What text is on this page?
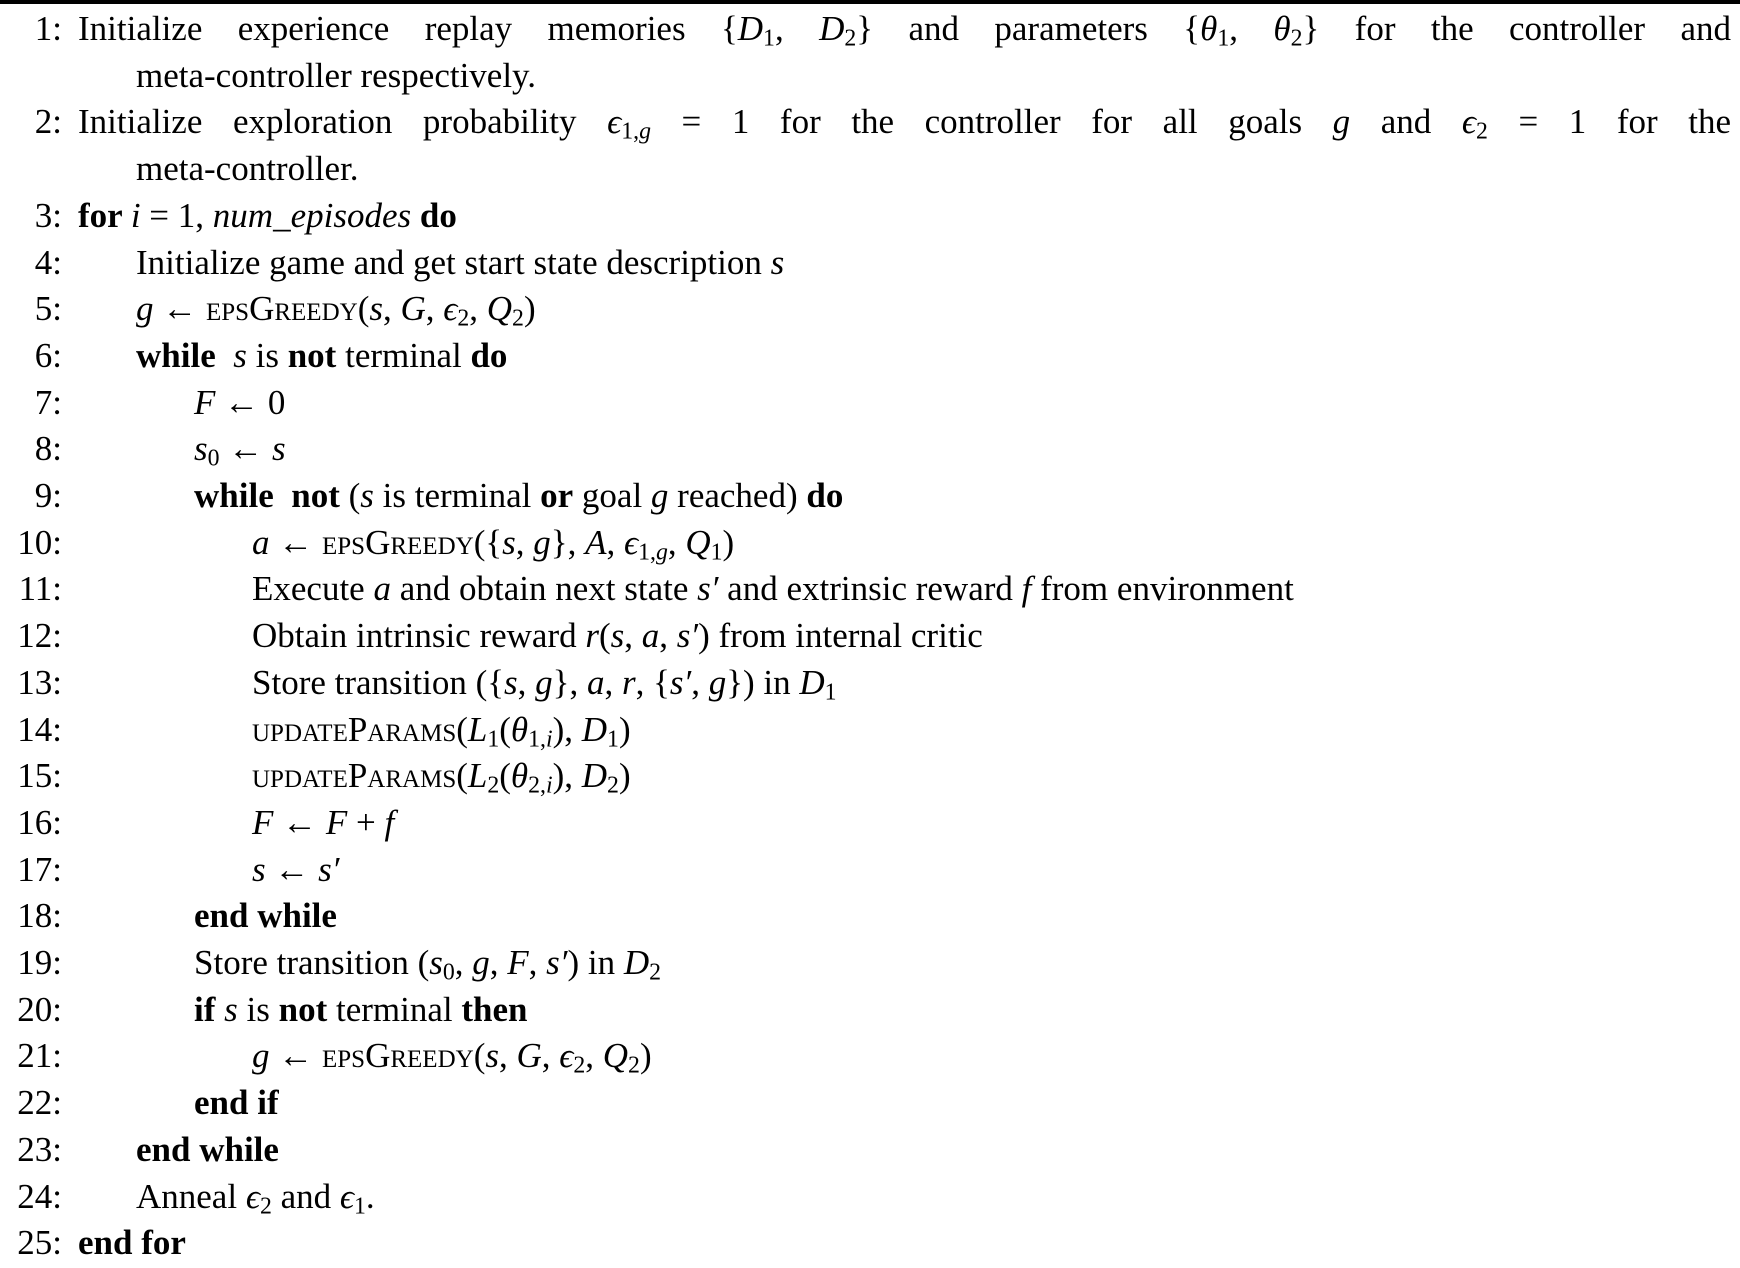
1: Initialize experience replay memories {D1, D2} and parameters {θ1, θ2} for the controller and
meta-controller respectively.
2: Initialize exploration probability ϵ1,g = 1 for the controller for all goals g and ϵ2 = 1 for the
meta-controller.
3: for i = 1, num_episodes do
4: Initialize game and get start state description s
5: g ← epsGreedy(s, G, ϵ2, Q2)
6: while s is not terminal do
7:	F ← 0
8:	s0 ← s
9:	while not (s is terminal or goal g reached) do
10:	a ← epsGreedy({s, g}, A, ϵ1,g, Q1)
11:	Execute a and obtain next state s′ and extrinsic reward f from environment
12:	Obtain intrinsic reward r(s, a, s′) from internal critic
13:	Store transition ({s, g}, a, r, {s′, g}) in D1
14:	updateParams(L1(θ1,i), D1)
15:	updateParams(L2(θ2,i), D2)
16:	F ← F + f
17:	s ← s′
18:	end while
19:	Store transition (s0, g, F, s′) in D2
20:	if s is not terminal then
21:	g ← epsGreedy(s, G, ϵ2, Q2)
22:	end if
23: end while
24: Anneal ϵ2 and ϵ1.
25: end for
